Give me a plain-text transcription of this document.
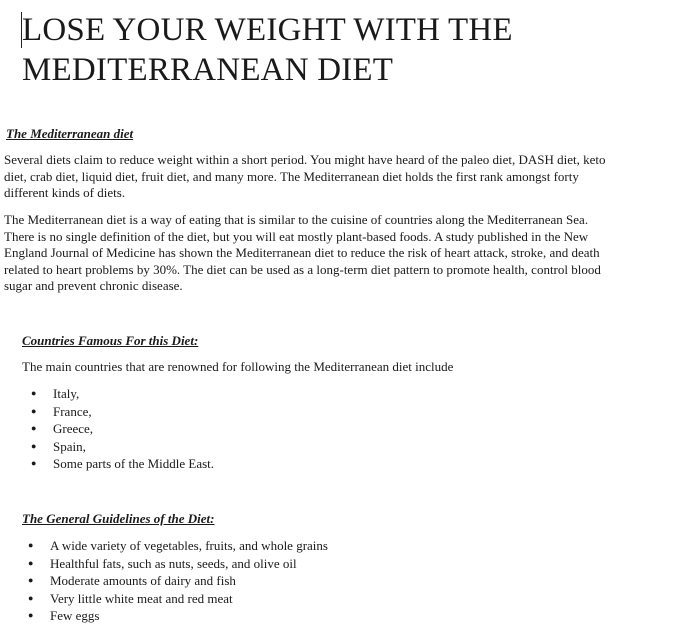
LOSE YOUR WEIGHT WITH THE MEDITERRANEAN DIET
The Mediterranean diet

Several diets claim to reduce weight within a short period. You might have heard of the paleo diet, DASH diet, keto diet, crab diet, liquid diet, fruit diet, and many more. The Mediterranean diet holds the first rank amongst forty different kinds of diets.

The Mediterranean diet is a way of eating that is similar to the cuisine of countries along the Mediterranean Sea. There is no single definition of the diet, but you will eat mostly plant-based foods. A study published in the New England Journal of Medicine has shown the Mediterranean diet to reduce the risk of heart attack, stroke, and death related to heart problems by 30%. The diet can be used as a long-term diet pattern to promote health, control blood sugar and prevent chronic disease.

Countries Famous For this Diet:

The main countries that are renowned for following the Mediterranean diet include

● Italy,
● France,
● Greece,
● Spain,
● Some parts of the Middle East.
The General Guidelines of the Diet:
● A wide variety of vegetables, fruits, and whole grains
● Healthful fats, such as nuts, seeds, and olive oil
● Moderate amounts of dairy and fish
● Very little white meat and red meat
● Few eggs
